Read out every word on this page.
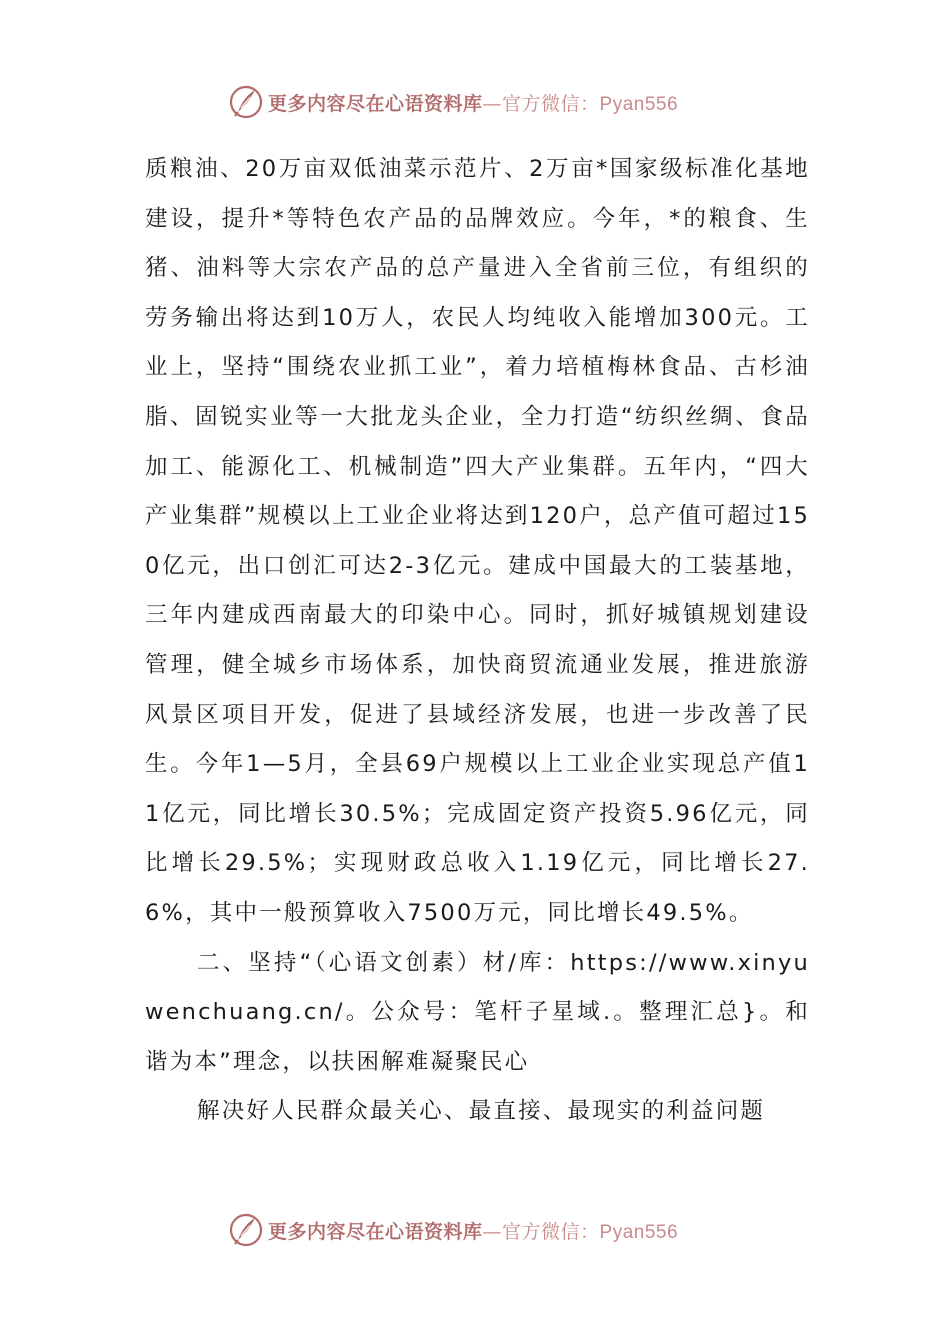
更多内容尽在心语资料库—官方微信：Pyan556

质粮油、20万亩双低油菜示范片、2万亩*国家级标准化基地建设，提升*等特色农产品的品牌效应。今年，*的粮食、生猪、油料等大宗农产品的总产量进入全省前三位，有组织的劳务输出将达到10万人，农民人均纯收入能增加300元。工业上，坚持“围绕农业抓工业”，着力培植梅林食品、古杉油脂、固锐实业等一大批龙头企业，全力打造“纺织丝绸、食品加工、能源化工、机械制造”四大产业集群。五年内，“四大产业集群”规模以上工业企业将达到120户，总产值可超过150亿元，出口创汇可达2-3亿元。建成中国最大的工装基地，三年内建成西南最大的印染中心。同时，抓好城镇规划建设管理，健全城乡市场体系，加快商贸流通业发展，推进旅游风景区项目开发，促进了县域经济发展，也进一步改善了民生。今年1—5月，全县69户规模以上工业企业实现总产值11亿元，同比增长30.5%；完成固定资产投资5.96亿元，同比增长29.5%；实现财政总收入1.19亿元，同比增长27.6%，其中一般预算收入7500万元，同比增长49.5%。

二、坚持“（心语文创素）材/库：https://www.xinyuwenchuang.cn/。公众号：笔杆子星域.。整理汇总}。和谐为本”理念，以扶困解难凝聚民心

解决好人民群众最关心、最直接、最现实的利益问题

更多内容尽在心语资料库—官方微信：Pyan556
